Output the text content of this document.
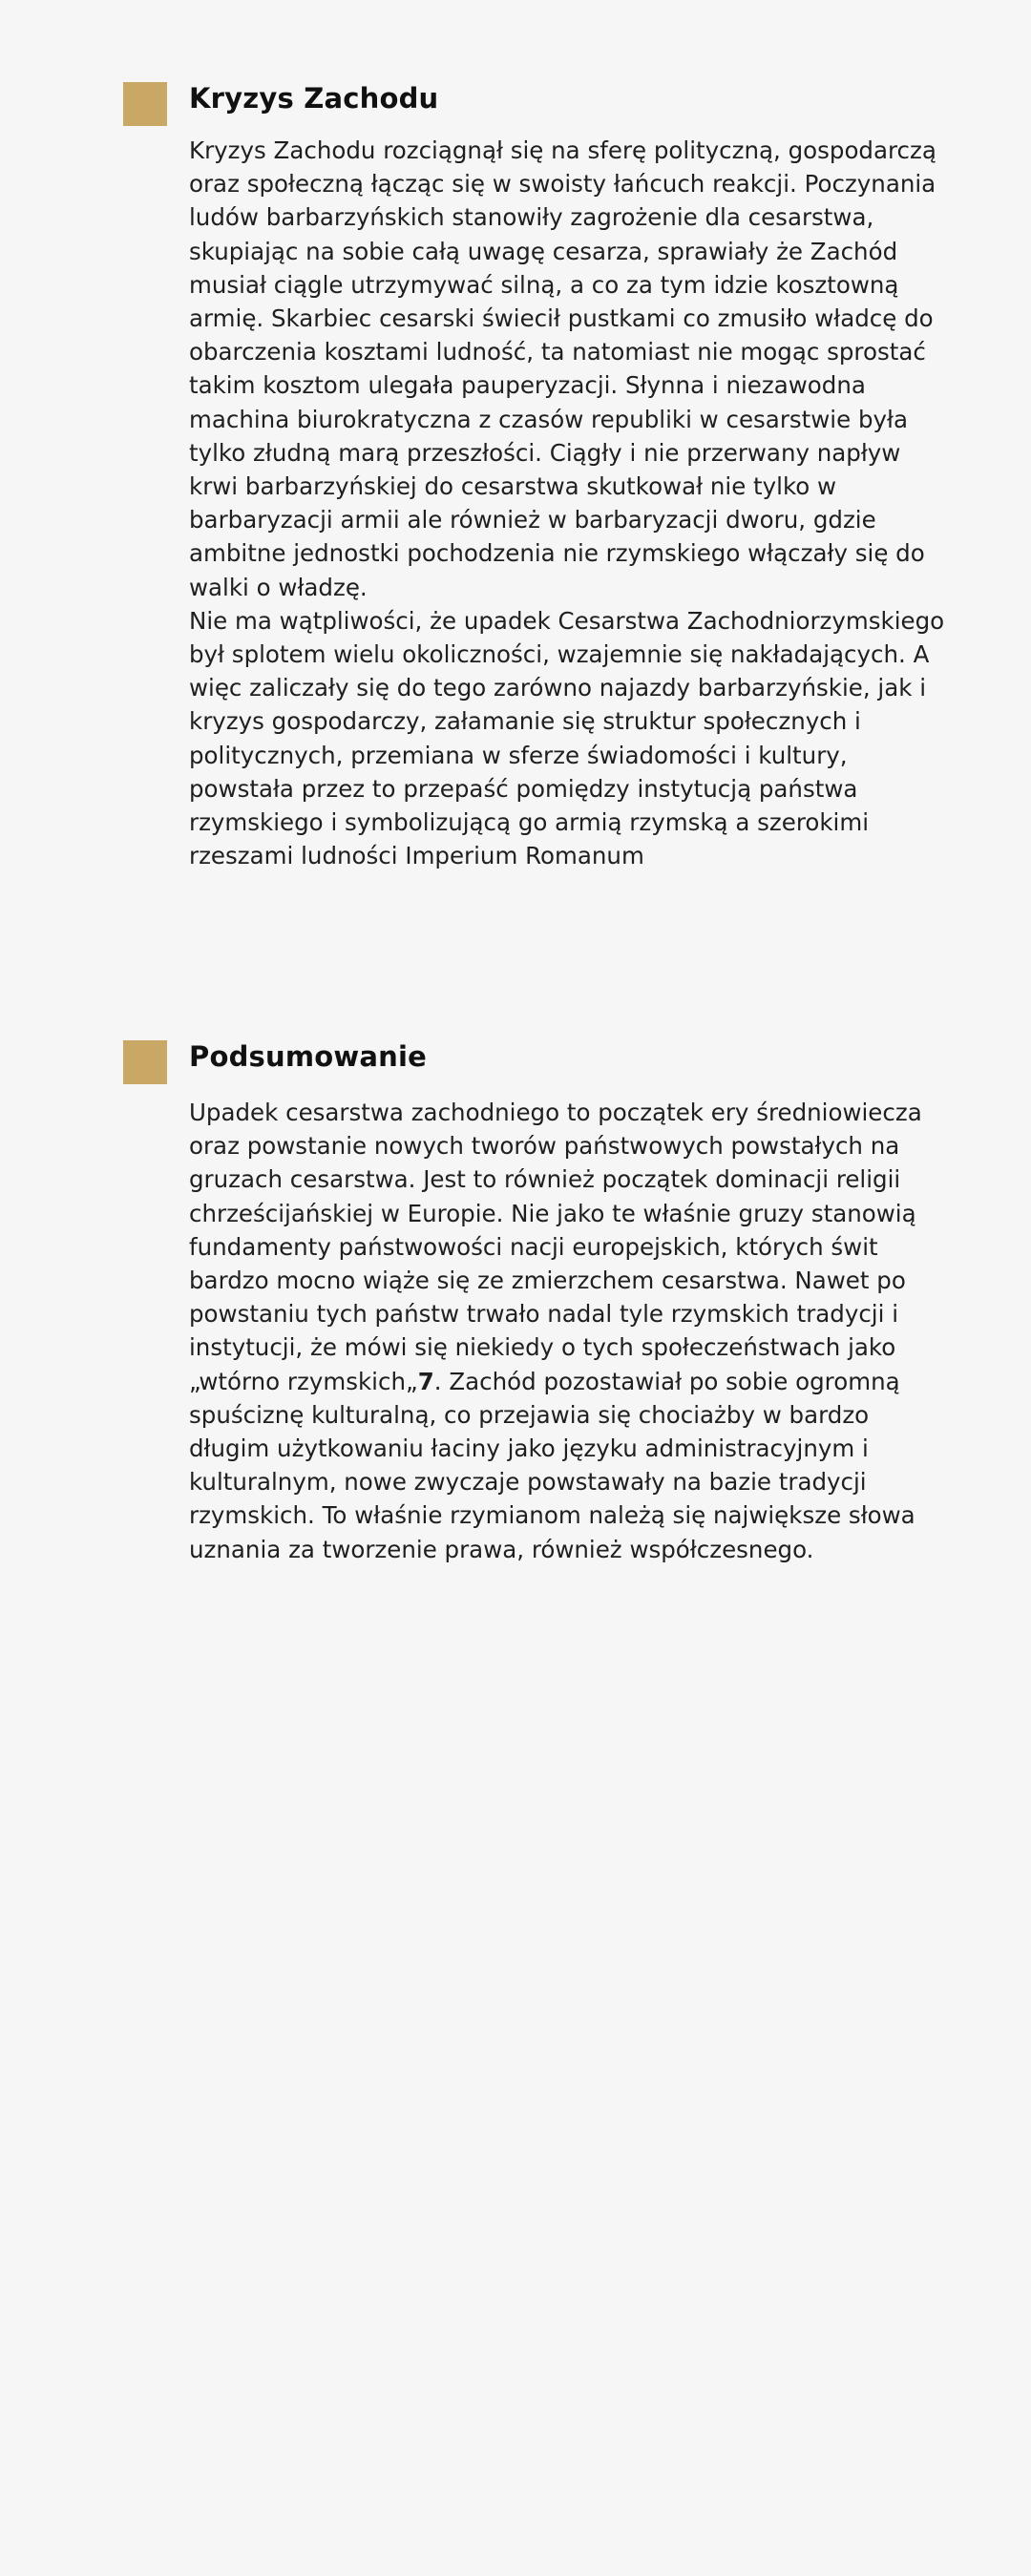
Kryzys Zachodu
Kryzys Zachodu rozciągnął się na sferę polityczną, gospodarczą oraz społeczną łącząc się w swoisty łańcuch reakcji. Poczynania ludów barbarzyńskich stanowiły zagrożenie dla cesarstwa, skupiając na sobie całą uwagę cesarza, sprawiały że Zachód musiał ciągle utrzymywać silną, a co za tym idzie kosztowną armię. Skarbiec cesarski świecił pustkami co zmusiło władcę do obarczenia kosztami ludność, ta natomiast nie mogąc sprostać takim kosztom ulegała pauperyzacji. Słynna i niezawodna machina biurokratyczna z czasów republiki w cesarstwie była tylko złudną marą przeszłości. Ciągły i nie przerwany napływ krwi barbarzyńskiej do cesarstwa skutkował nie tylko w barbaryzacji armii ale również w barbaryzacji dworu, gdzie ambitne jednostki pochodzenia nie rzymskiego włączały się do walki o władzę.
Nie ma wątpliwości, że upadek Cesarstwa Zachodniorzymskiego był splotem wielu okoliczności, wzajemnie się nakładających. A więc zaliczały się do tego zarówno najazdy barbarzyńskie, jak i kryzys gospodarczy, załamanie się struktur społecznych i politycznych, przemiana w sferze świadomości i kultury, powstała przez to przepaść pomiędzy instytucją państwa rzymskiego i symbolizującą go armią rzymską a szerokimi rzeszami ludności Imperium Romanum
Podsumowanie

Upadek cesarstwa zachodniego to początek ery średniowiecza oraz powstanie nowych tworów państwowych powstałych na gruzach cesarstwa. Jest to również początek dominacji religii chrześcijańskiej w Europie. Nie jako te właśnie gruzy stanowią fundamenty państwowości nacji europejskich, których świt bardzo mocno wiąże się ze zmierzchem cesarstwa. Nawet po powstaniu tych państw trwało nadal tyle rzymskich tradycji i instytucji, że mówi się niekiedy o tych społeczeństwach jako „wtórno rzymskich„7. Zachód pozostawiał po sobie ogromną spuściznę kulturalną, co przejawia się chociażby w bardzo długim użytkowaniu łaciny jako języku administracyjnym i kulturalnym, nowe zwyczaje powstawały na bazie tradycji rzymskich. To właśnie rzymianom należą się największe słowa uznania za tworzenie prawa, również współczesnego.
